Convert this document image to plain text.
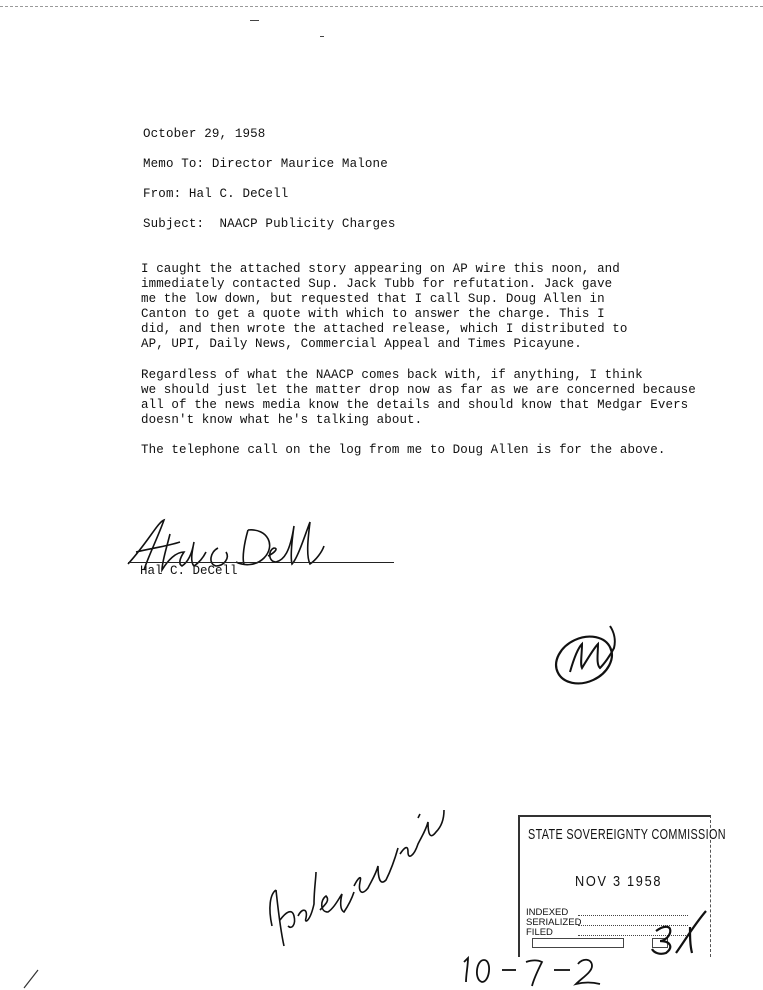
October 29, 1958
Memo To: Director Maurice Malone
From: Hal C. DeCell
Subject:  NAACP Publicity Charges
I caught the attached story appearing on AP wire this noon, and
immediately contacted Sup. Jack Tubb for refutation. Jack gave
me the low down, but requested that I call Sup. Doug Allen in
Canton to get a quote with which to answer the charge. This I
did, and then wrote the attached release, which I distributed to
AP, UPI, Daily News, Commercial Appeal and Times Picayune.
Regardless of what the NAACP comes back with, if anything, I think
we should just let the matter drop now as far as we are concerned because
all of the news media know the details and should know that Medgar Evers
doesn't know what he's talking about.
The telephone call on the log from me to Doug Allen is for the above.
Hal C. DeCell
STATE SOVEREIGNTY COMMISSION
NOV 3 1958
INDEXED
SERIALIZED
FILED
